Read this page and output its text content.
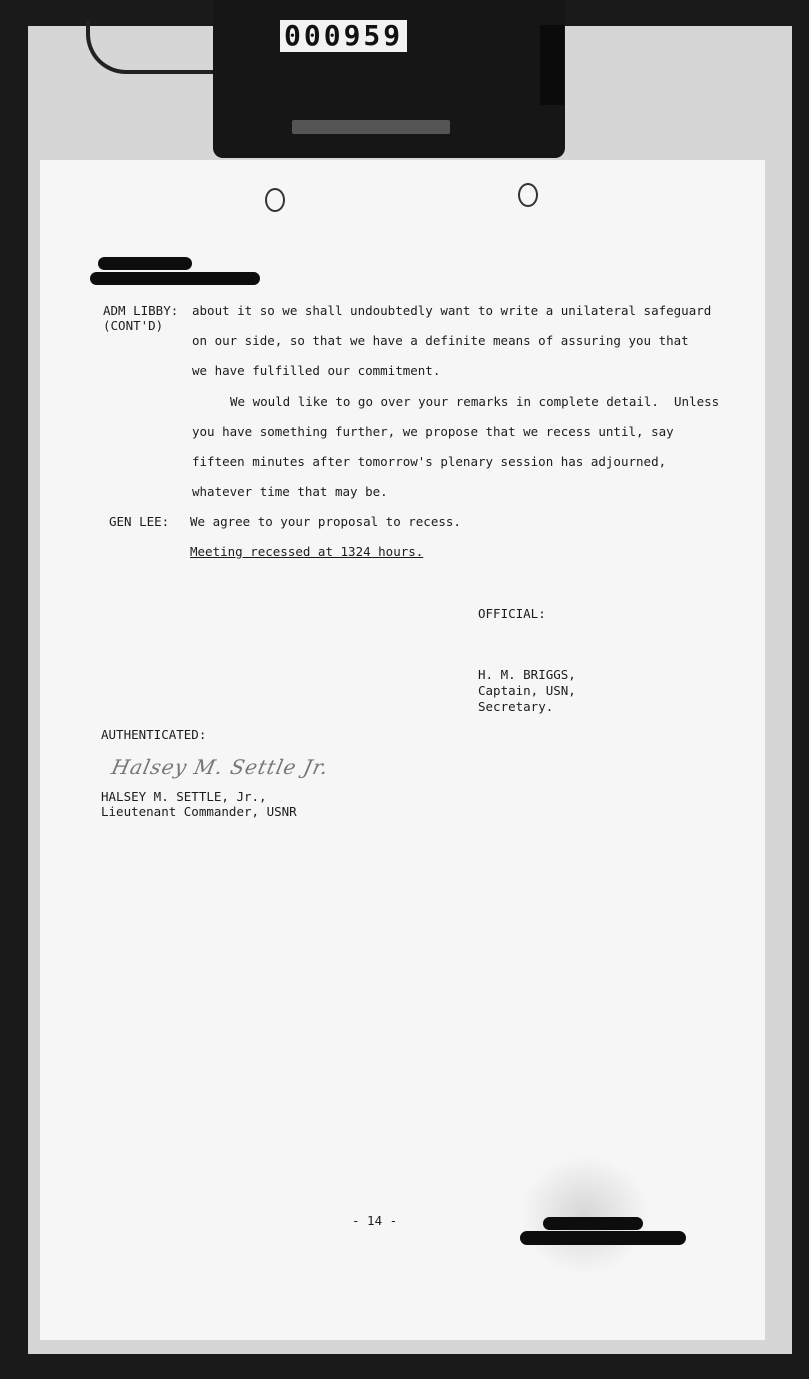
000959
ADM LIBBY:
(CONT'D)
about it so we shall undoubtedly want to write a unilateral safeguard
on our side, so that we have a definite means of assuring you that
we have fulfilled our commitment.
We would like to go over your remarks in complete detail.  Unless
you have something further, we propose that we recess until, say
fifteen minutes after tomorrow's plenary session has adjourned,
whatever time that may be.
GEN LEE: We agree to your proposal to recess.
Meeting recessed at 1324 hours.
OFFICIAL:
H. M. BRIGGS,
Captain, USN,
Secretary.
AUTHENTICATED:
Halsey M. Settle Jr.
HALSEY M. SETTLE, Jr.,
Lieutenant Commander, USNR
- 14 -
